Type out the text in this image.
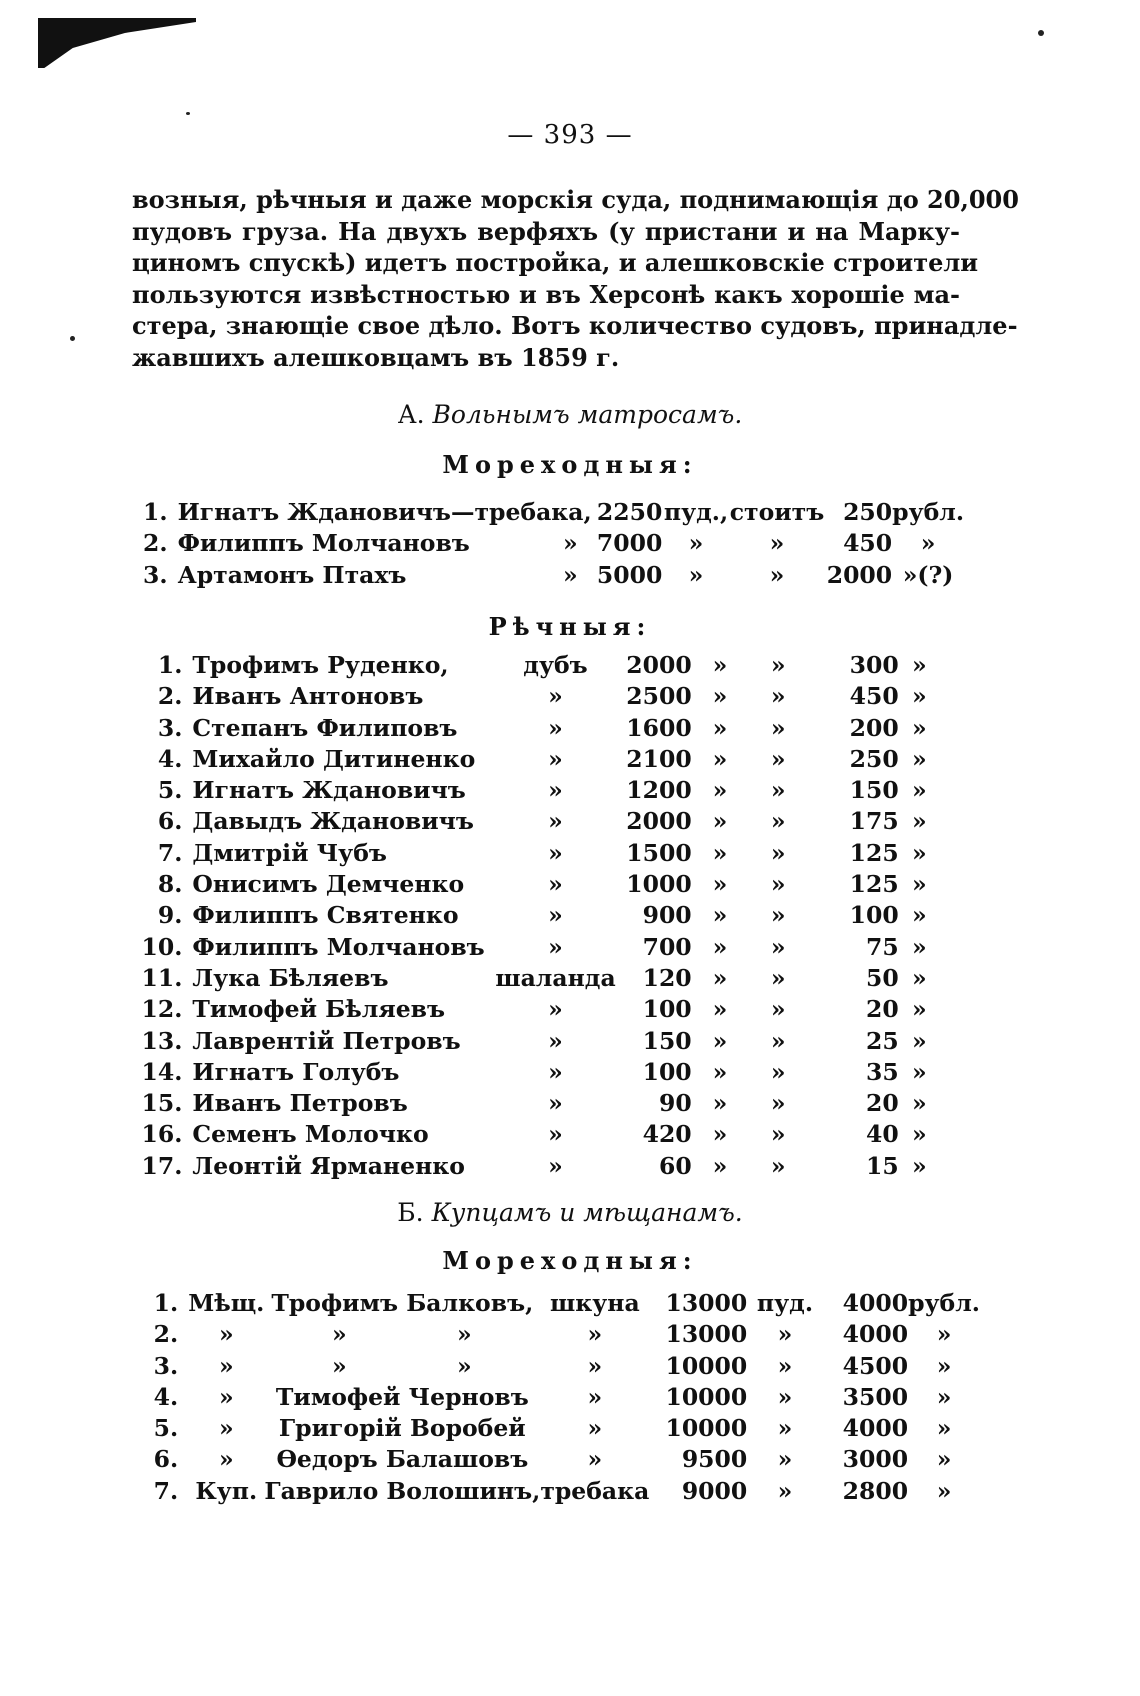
— 393 —
возныя, рѣчныя и даже морскія суда, поднимающія до 20,000
пудовъ груза. На двухъ верфяхъ (у пристани и на Марку-
циномъ спускѣ) идетъ постройка, и алешковскіе строители
пользуются извѣстностью и въ Херсонѣ какъ хорошіе ма-
стера, знающіе свое дѣло. Вотъ количество судовъ, принадле-
жавшихъ алешковцамъ въ 1859 г.
А. Вольнымъ матросамъ.
Мореходныя:
1.	Игнатъ Ждановичъ—требака,	2250	пуд.,	стоитъ	250	рубл.	
2.	Филиппъ Молчановъ »	7000	»	»	450	»	
3.	Артамонъ Птахъ »	5000	»	»	2000	»(?)	
Рѣчныя:
1.	Трофимъ Руденко,	дубъ	2000	»	»	300	»
2.	Иванъ Антоновъ	»	2500	»	»	450	»
3.	Степанъ Филиповъ	»	1600	»	»	200	»
4.	Михайло Дитиненко	»	2100	»	»	250	»
5.	Игнатъ Ждановичъ	»	1200	»	»	150	»
6.	Давыдъ Ждановичъ	»	2000	»	»	175	»
7.	Дмитрій Чубъ	»	1500	»	»	125	»
8.	Онисимъ Демченко	»	1000	»	»	125	»
9.	Филиппъ Святенко	»	900	»	»	100	»
10.	Филиппъ Молчановъ	»	700	»	»	75	»
11.	Лука Бѣляевъ	шаланда	120	»	»	50	»
12.	Тимофей Бѣляевъ	»	100	»	»	20	»
13.	Лаврентій Петровъ	»	150	»	»	25	»
14.	Игнатъ Голубъ	»	100	»	»	35	»
15.	Иванъ Петровъ	»	90	»	»	20	»
16.	Семенъ Молочко	»	420	»	»	40	»
17.	Леонтій Ярманенко	»	60	»	»	15	»
Б. Купцамъ и мѣщанамъ.
Мореходныя:
1.	Мѣщ.	Трофимъ Балковъ,	шкуна	13000	пуд.	4000	рубл.
2.	»	» »	»	13000	»	4000	»
3.	»	» »	»	10000	»	4500	»
4.	»	Тимофей Черновъ	»	10000	»	3500	»
5.	»	Григорій Воробей	»	10000	»	4000	»
6.	»	Ѳедоръ Балашовъ	»	9500	»	3000	»
7.	Куп.	Гаврило Волошинъ,	требака	9000	»	2800	»
